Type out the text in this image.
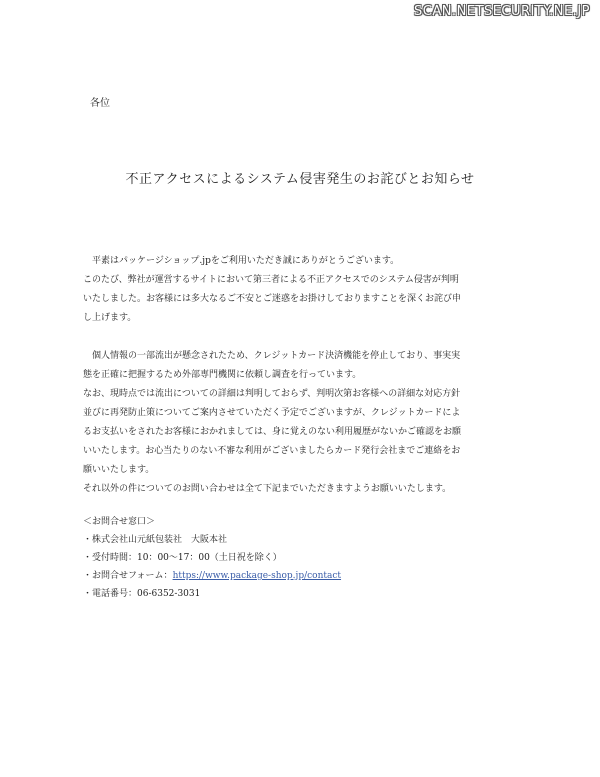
SCAN.NETSECURITY.NE.JP
各位
不正アクセスによるシステム侵害発生のお詫びとお知らせ

平素はパッケージショップ.jpをご利用いただき誠にありがとうございます。

このたび、弊社が運営するサイトにおいて第三者による不正アクセスでのシステム侵害が判明

いたしました。お客様には多大なるご不安とご迷惑をお掛けしておりますことを深くお詫び申

し上げます。

個人情報の一部流出が懸念されたため、クレジットカード決済機能を停止しており、事実実

態を正確に把握するため外部専門機関に依頼し調査を行っています。

なお、現時点では流出についての詳細は判明しておらず、判明次第お客様への詳細な対応方針

並びに再発防止策についてご案内させていただく予定でございますが、クレジットカードによ

るお支払いをされたお客様におかれましては、身に覚えのない利用履歴がないかご確認をお願

いいたします。お心当たりのない不審な利用がございましたらカード発行会社までご連絡をお

願いいたします。

それ以外の件についてのお問い合わせは全て下記までいただきますようお願いいたします。

＜お問合せ窓口＞

・株式会社山元紙包装社　大阪本社

・受付時間：10：00〜17：00（土日祝を除く）

・お問合せフォーム：https://www.package-shop.jp/contact

・電話番号：06-6352-3031
